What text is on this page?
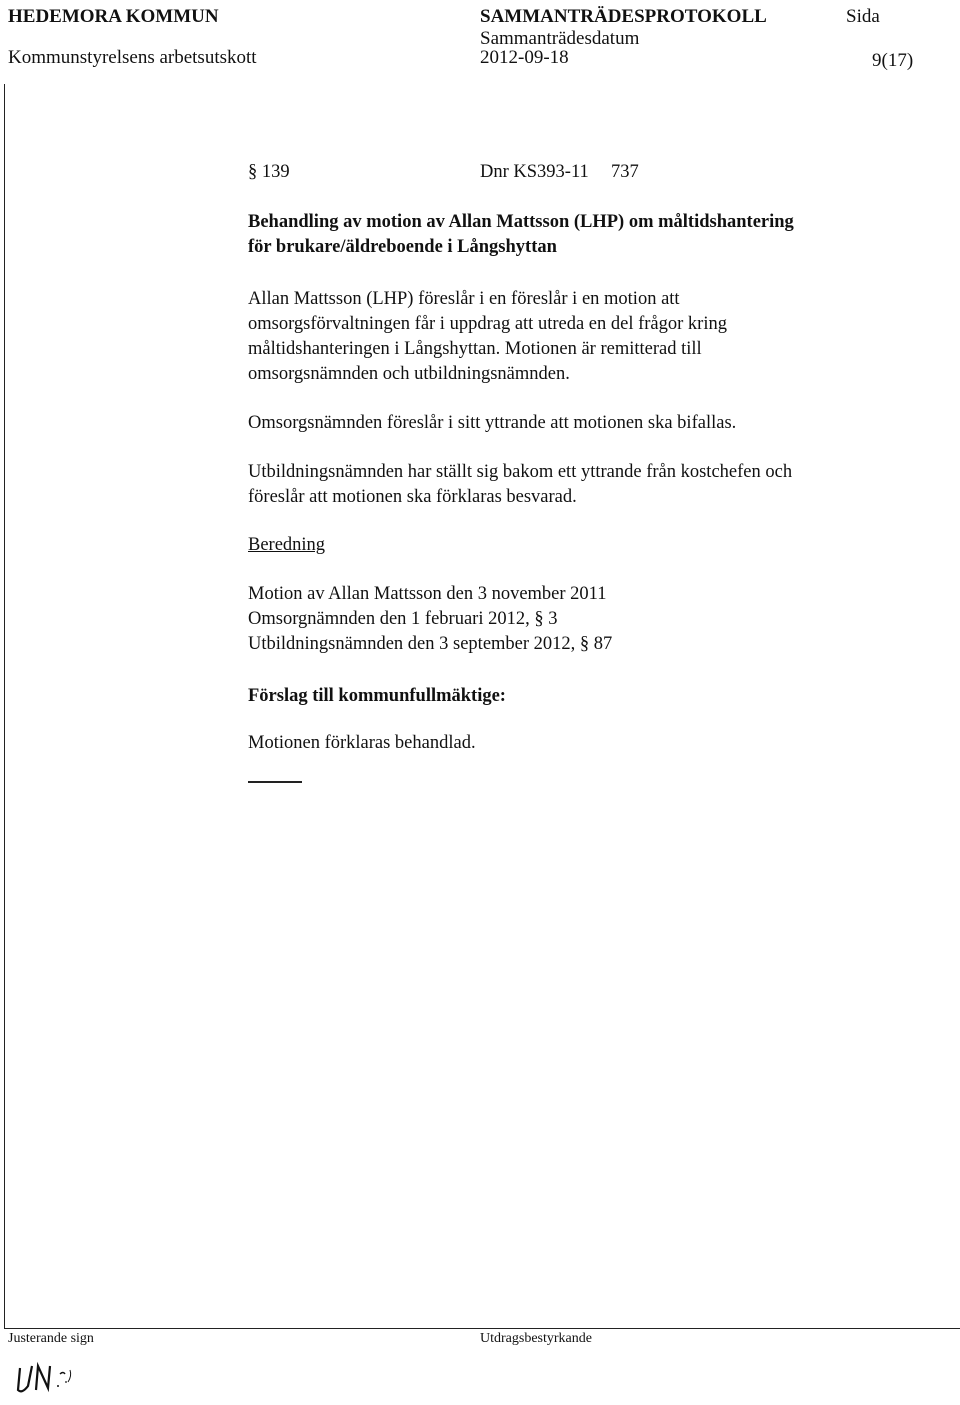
HEDEMORA KOMMUN	SAMMANTRÄDESPROTOKOLL	Sida
Kommunstyrelsens arbetsutskott
Sammanträdesdatum
2012-09-18	9(17)
§ 139	Dnr KS393-11 737
Behandling av motion av Allan Mattsson (LHP) om måltidshantering
för brukare/äldreboende i Långshyttan
Allan Mattsson (LHP) föreslår i en föreslår i en motion att
omsorgsförvaltningen får i uppdrag att utreda en del frågor kring
måltidshanteringen i Långshyttan. Motionen är remitterad till
omsorgsnämnden och utbildningsnämnden.
Omsorgsnämnden föreslår i sitt yttrande att motionen ska bifallas.
Utbildningsnämnden har ställt sig bakom ett yttrande från kostchefen och
föreslår att motionen ska förklaras besvarad.
Beredning
Motion av Allan Mattsson den 3 november 2011
Omsorgnämnden den 1 februari 2012, § 3
Utbildningsnämnden den 3 september 2012, § 87
Förslag till kommunfullmäktige:
Motionen förklaras behandlad.
Justerande sign	Utdragsbestyrkande
